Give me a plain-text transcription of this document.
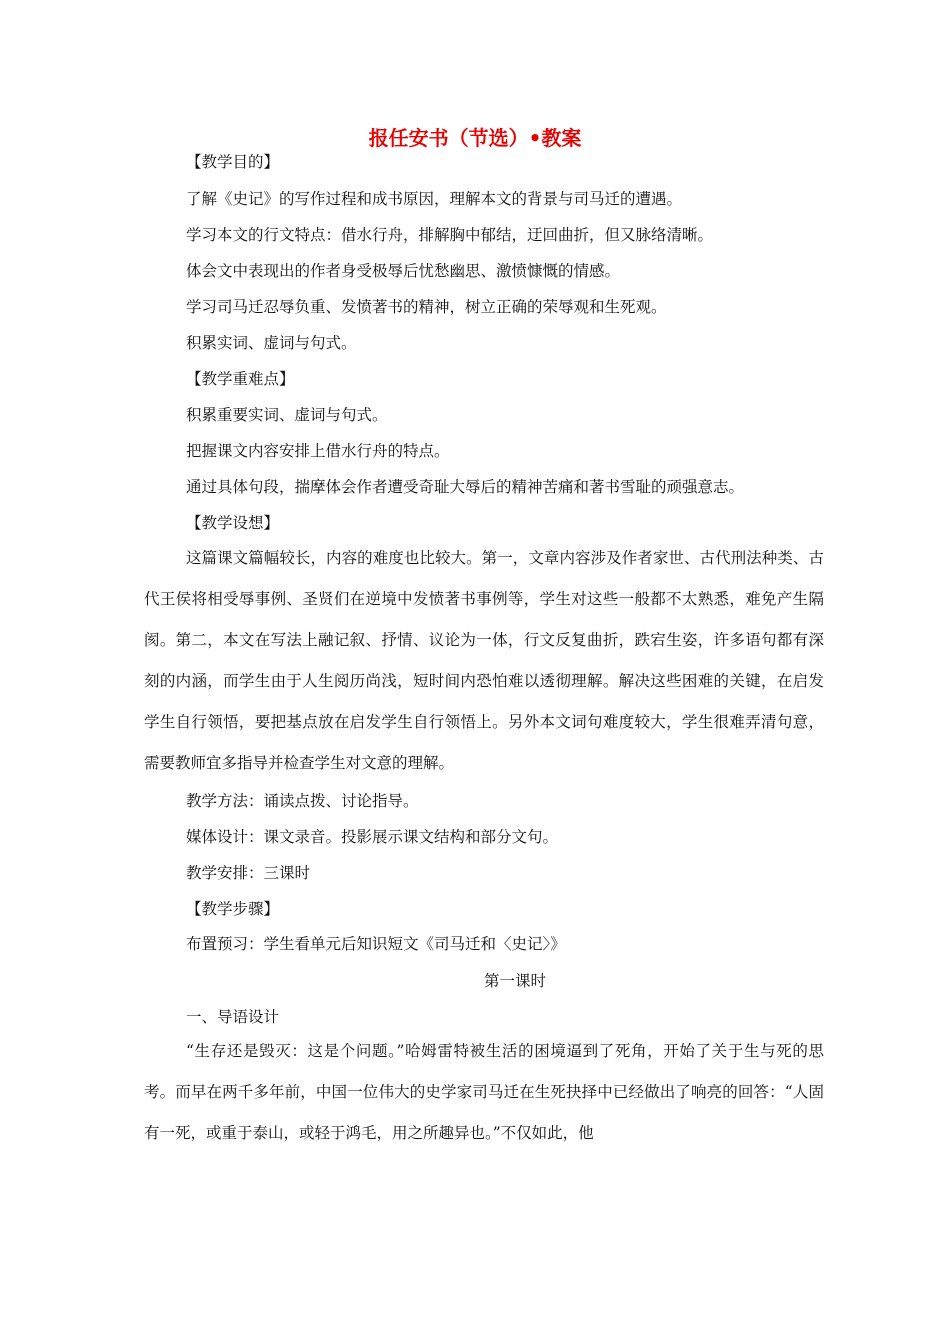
报任安书（节选）•教案

【教学目的】

了解《史记》的写作过程和成书原因，理解本文的背景与司马迁的遭遇。

学习本文的行文特点：借水行舟，排解胸中郁结，迂回曲折，但又脉络清晰。

体会文中表现出的作者身受极辱后忧愁幽思、激愤慷慨的情感。

学习司马迁忍辱负重、发愤著书的精神，树立正确的荣辱观和生死观。

积累实词、虚词与句式。

【教学重难点】

积累重要实词、虚词与句式。

把握课文内容安排上借水行舟的特点。

通过具体句段，揣摩体会作者遭受奇耻大辱后的精神苦痛和著书雪耻的顽强意志。

【教学设想】

这篇课文篇幅较长，内容的难度也比较大。第一，文章内容涉及作者家世、古代刑法种类、古代王侯将相受辱事例、圣贤们在逆境中发愤著书事例等，学生对这些一般都不太熟悉，难免产生隔阂。第二，本文在写法上融记叙、抒情、议论为一体，行文反复曲折，跌宕生姿，许多语句都有深刻的内涵，而学生由于人生阅历尚浅，短时间内恐怕难以透彻理解。解决这些困难的关键，在启发学生自行领悟，要把基点放在启发学生自行领悟上。另外本文词句难度较大，学生很难弄清句意，需要教师宜多指导并检查学生对文意的理解。

教学方法：诵读点拨、讨论指导。

媒体设计：课文录音。投影展示课文结构和部分文句。

教学安排：三课时

【教学步骤】

布置预习：学生看单元后知识短文《司马迁和〈史记〉》

第一课时

一、导语设计

“生存还是毁灭：这是个问题。”哈姆雷特被生活的困境逼到了死角，开始了关于生与死的思考。而早在两千多年前，中国一位伟大的史学家司马迁在生死抉择中已经做出了响亮的回答：“人固有一死，或重于泰山，或轻于鸿毛，用之所趣异也。”不仅如此，他
